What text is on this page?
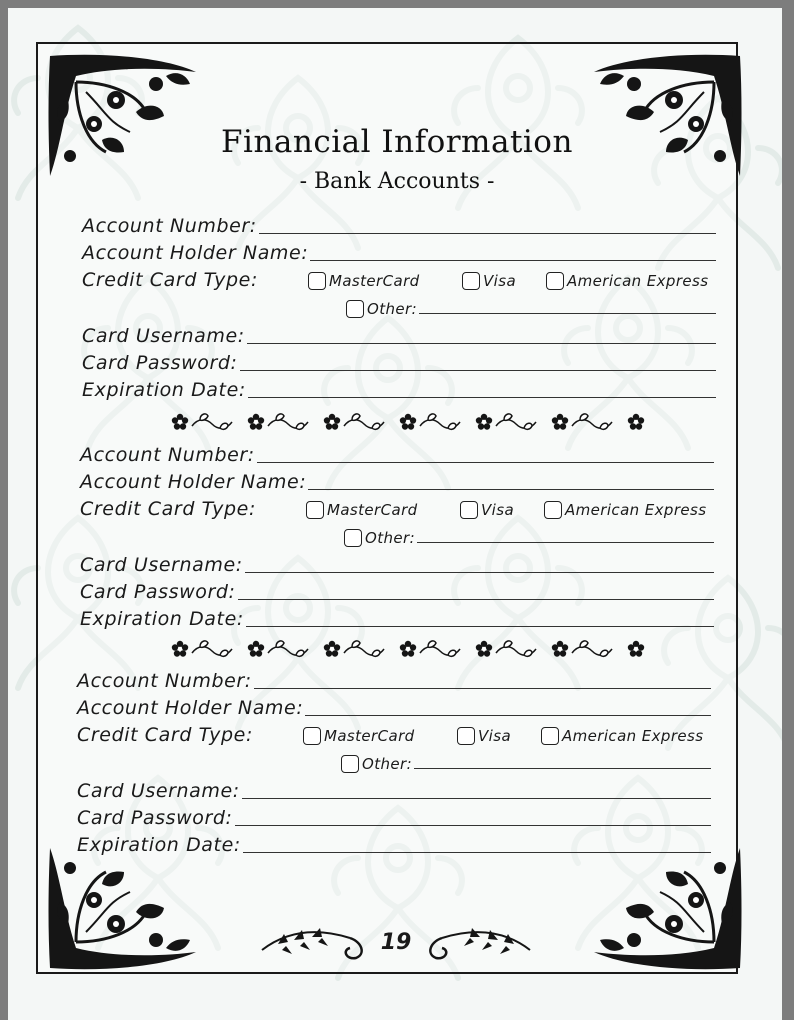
Financial Information
- Bank Accounts -
Account Number:
Account Holder Name:
Credit Card Type:	MasterCard	Visa	American Express
Other:
Card Username:
Card Password:
Expiration Date:
Account Number:
Account Holder Name:
Credit Card Type:	MasterCard	Visa	American Express
Other:
Card Username:
Card Password:
Expiration Date:
Account Number:
Account Holder Name:
Credit Card Type:	MasterCard	Visa	American Express
Other:
Card Username:
Card Password:
Expiration Date:
19
